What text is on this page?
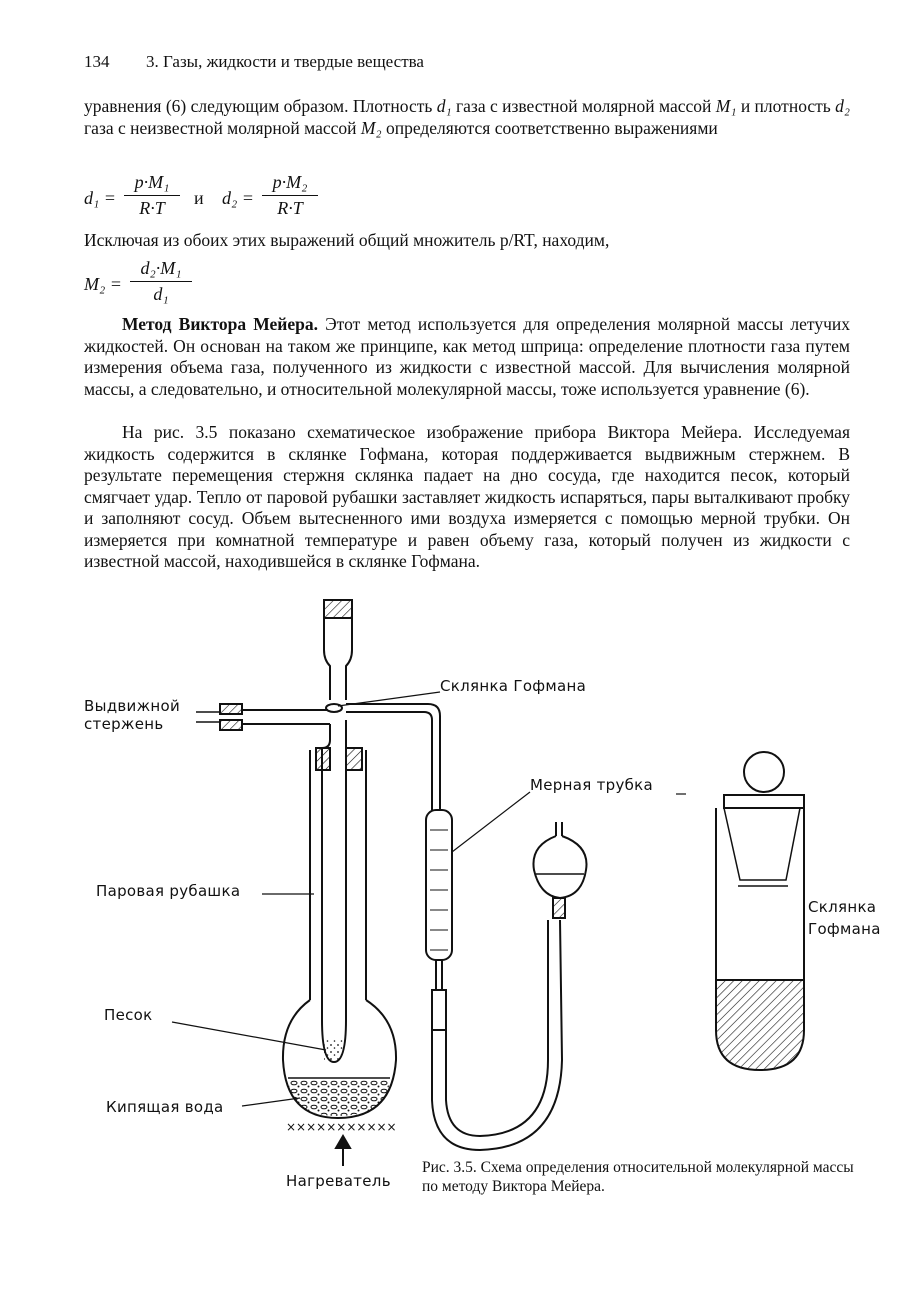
134 3. Газы, жидкости и твердые вещества
уравнения (6) следующим образом. Плотность d₁ газа с известной молярной массой M₁ и плотность d₂ газа с неизвестной молярной массой M₂ определяются соответственно выражениями
d₁ =
p·M₁
R·T	и d₂ =
p·M₂
R·T
Исключая из обоих этих выражений общий множитель p/RT, находим,
M₂ =
d₂·M₁
d₁
Метод Виктора Мейера. Этот метод используется для определения молярной массы летучих жидкостей. Он основан на таком же принципе, как метод шприца: определение плотности газа путем измерения объема газа, полученного из жидкости с известной массой. Для вычисления молярной массы, а следовательно, и относительной молекулярной массы, тоже используется уравнение (6).
На рис. 3.5 показано схематическое изображение прибора Виктора Мейера. Исследуемая жидкость содержится в склянке Гофмана, которая поддерживается выдвижным стержнем. В результате перемещения стержня склянка падает на дно сосуда, где находится песок, который смягчает удар. Тепло от паровой рубашки заставляет жидкость испаряться, пары выталкивают пробку и заполняют сосуд. Объем вытесненного ими воздуха измеряется с помощью мерной трубки. Он измеряется при комнатной температуре и равен объему газа, который получен из жидкости с известной массой, находившейся в склянке Гофмана.
Склянка Гофмана
Выдвижной
стержень
Мерная трубка
Паровая рубашка
Песок
Кипящая вода
×××××××××××
Нагреватель
Склянка
Гофмана
Рис. 3.5. Схема определения относительной молекулярной массы по методу Виктора Мейера.
